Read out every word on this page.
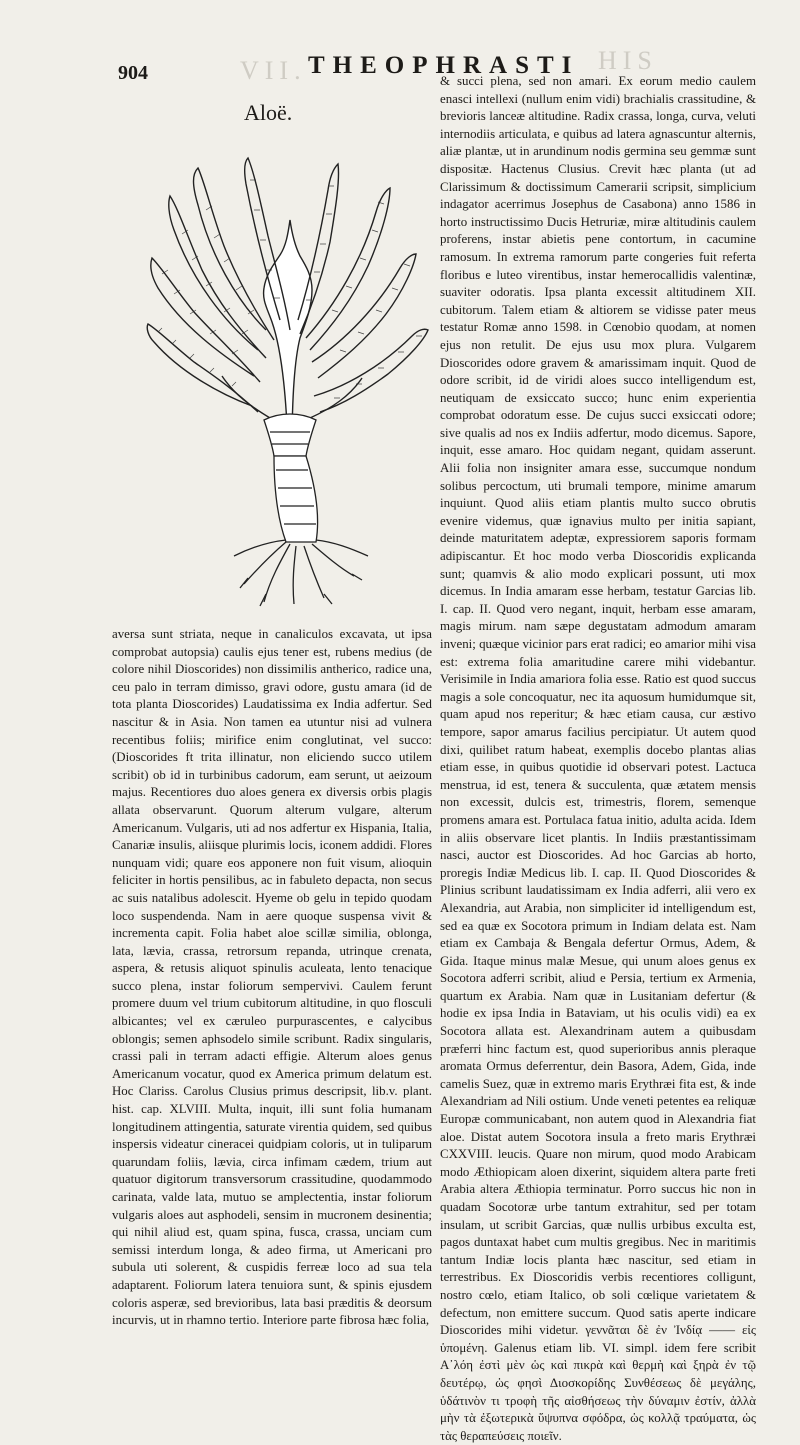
VII.	HIS
904	THEOPHRASTI
Aloë.

aversa sunt striata, neque in canaliculos excavata, ut ipsa comprobat autopsia) caulis ejus tener est, rubens medius (de colore nihil Dioscorides) non dissimilis antherico, radice una, ceu palo in terram dimisso, gravi odore, gustu amara (id de tota planta Dioscorides) Laudatissima ex India adfertur. Sed nascitur & in Asia. Non tamen ea utuntur nisi ad vulnera recentibus foliis; mirifice enim conglutinat, vel succo: (Dioscorides ft trita illinatur, non eliciendo succo utilem scribit) ob id in turbinibus cadorum, eam serunt, ut aeizoum majus. Recentiores duo aloes genera ex diversis orbis plagis allata observarunt. Quorum alterum vulgare, alterum Americanum. Vulgaris, uti ad nos adfertur ex Hispania, Italia, Canariæ insulis, aliisque plurimis locis, iconem addidi. Flores nunquam vidi; quare eos apponere non fuit visum, alioquin feliciter in hortis pensilibus, ac in fabuleto depacta, non secus ac suis natalibus adolescit. Hyeme ob gelu in tepido quodam loco suspendenda. Nam in aere quoque suspensa vivit & incrementa capit. Folia habet aloe scillæ similia, oblonga, lata, lævia, crassa, retrorsum repanda, utrinque crenata, aspera, & retusis aliquot spinulis aculeata, lento tenacique succo plena, instar foliorum sempervivi. Caulem ferunt promere duum vel trium cubitorum altitudine, in quo flosculi albicantes; vel ex cæruleo purpurascentes, e calycibus oblongis; semen aphsodelo simile scribunt. Radix singularis, crassi pali in terram adacti effigie. Alterum aloes genus Americanum vocatur, quod ex America primum delatum est. Hoc Clariss. Carolus Clusius primus descripsit, lib.v. plant. hist. cap. XLVIII. Multa, inquit, illi sunt folia humanam longitudinem attingentia, saturate virentia quidem, sed quibus inspersis videatur cineracei quidpiam coloris, ut in tuliparum quarundam foliis, lævia, circa infimam cædem, trium aut quatuor digitorum transversorum crassitudine, quodammodo carinata, valde lata, mutuo se amplectentia, instar foliorum vulgaris aloes aut asphodeli, sensim in mucronem desinentia; qui nihil aliud est, quam spina, fusca, crassa, unciam cum semissi interdum longa, & adeo firma, ut Americani pro subula uti solerent, & cuspidis ferreæ loco ad sua tela adaptarent. Foliorum latera tenuiora sunt, & spinis ejusdem coloris asperæ, sed brevioribus, lata basi præditis & deorsum incurvis, ut in rhamno tertio. Interiore parte fibrosa hæc folia,

& succi plena, sed non amari. Ex eorum medio caulem enasci intellexi (nullum enim vidi) brachialis crassitudine, & brevioris lanceæ altitudine. Radix crassa, longa, curva, veluti internodiis articulata, e quibus ad latera agnascuntur alternis, aliæ plantæ, ut in arundinum nodis germina seu gemmæ sunt dispositæ. Hactenus Clusius. Crevit hæc planta (ut ad Clarissimum & doctissimum Camerarii scripsit, simplicium indagator acerrimus Josephus de Casabona) anno 1586 in horto instructissimo Ducis Hetruriæ, miræ altitudinis caulem proferens, instar abietis pene contortum, in cacumine ramosum. In extrema ramorum parte congeries fuit referta floribus e luteo virentibus, instar hemerocallidis valentinæ, suaviter odoratis. Ipsa planta excessit altitudinem XII. cubitorum. Talem etiam & altiorem se vidisse pater meus testatur Romæ anno 1598. in Cœnobio quodam, at nomen ejus non retulit. De ejus usu mox plura. Vulgarem Dioscorides odore gravem & amarissimam inquit. Quod de odore scribit, id de viridi aloes succo intelligendum est, neutiquam de exsiccato succo; hunc enim experientia comprobat odoratum esse. De cujus succi exsiccati odore; sive qualis ad nos ex Indiis adfertur, modo dicemus. Sapore, inquit, esse amaro. Hoc quidam negant, quidam asserunt. Alii folia non insigniter amara esse, succumque nondum solibus percoctum, uti brumali tempore, minime amarum inquiunt. Quod aliis etiam plantis multo succo obrutis evenire videmus, quæ ignavius multo per initia sapiant, deinde maturitatem adeptæ, expressiorem saporis formam adipiscantur. Et hoc modo verba Dioscoridis explicanda sunt; quamvis & alio modo explicari possunt, uti mox dicemus. In India amaram esse herbam, testatur Garcias lib. I. cap. II. Quod vero negant, inquit, herbam esse amaram, magis mirum. nam sæpe degustatam admodum amaram inveni; quæque vicinior pars erat radici; eo amarior mihi visa est: extrema folia amaritudine carere mihi videbantur. Verisimile in India amariora folia esse. Ratio est quod succus magis a sole concoquatur, nec ita aquosum humidumque sit, quam apud nos reperitur; & hæc etiam causa, cur æstivo tempore, sapor amarus facilius percipiatur. Ut autem quod dixi, quilibet ratum habeat, exemplis docebo plantas alias etiam esse, in quibus quotidie id observari potest. Lactuca menstrua, id est, tenera & succulenta, quæ ætatem mensis non excessit, dulcis est, trimestris, florem, semenque promens amara est. Portulaca fatua initio, adulta acida. Idem in aliis observare licet plantis. In Indiis præstantissimam nasci, auctor est Dioscorides. Ad hoc Garcias ab horto, proregis Indiæ Medicus lib. I. cap. II. Quod Dioscorides & Plinius scribunt laudatissimam ex India adferri, alii vero ex Alexandria, aut Arabia, non simpliciter id intelligendum est, sed ea quæ ex Socotora primum in Indiam delata est. Nam etiam ex Cambaja & Bengala defertur Ormus, Adem, & Gida. Itaque minus malæ Mesue, qui unum aloes genus ex Socotora adferri scribit, aliud e Persia, tertium ex Armenia, quartum ex Arabia. Nam quæ in Lusitaniam defertur (& hodie ex ipsa India in Bataviam, ut his oculis vidi) ea ex Socotora allata est. Alexandrinam autem a quibusdam præferri hinc factum est, quod superioribus annis pleraque aromata Ormus deferrentur, dein Basora, Adem, Gida, inde camelis Suez, quæ in extremo maris Erythræi fita est, & inde Alexandriam ad Nili ostium. Unde veneti petentes ea reliquæ Europæ communicabant, non autem quod in Alexandria fiat aloe. Distat autem Socotora insula a freto maris Erythræi CXXVIII. leucis. Quare non mirum, quod modo Arabicam modo Æthiopicam aloen dixerint, siquidem altera parte freti Arabia altera Æthiopia terminatur. Porro succus hic non in quadam Socotoræ urbe tantum extrahitur, sed per totam insulam, ut scribit Garcias, quæ nullis urbibus exculta est, pagos duntaxat habet cum multis gregibus. Nec in maritimis tantum Indiæ locis planta hæc nascitur, sed etiam in terrestribus. Ex Dioscoridis verbis recentiores colligunt, nostro cœlo, etiam Italico, ob soli cœlique varietatem & defectum, non emittere succum. Quod satis aperte indicare Dioscorides mihi videtur. γεννᾶται δὲ ἐν Ἰνδίᾳ —— εἰς ὑπομένη. Galenus etiam lib. VI. simpl. idem fere scribit Α᾽λόη ἐστὶ μὲν ὡς καὶ πικρὰ καὶ θερμὴ καὶ ξηρὰ ἐν τῷ δευτέρῳ, ὡς φησὶ Διοσκορίδης Συνθέσεως δὲ μεγάλης, ὑδάτινὸν τι τροφὴ τῆς αἰσθήσεως τὴν δύναμιν ἐστίν, ἀλλὰ μὴν τὰ ἐξωτερικὰ ὕψυπνα σφόδρα, ὡς κολλᾷ τραύματα, ὡς τὰς θεραπεύσεις ποιεῖν.
